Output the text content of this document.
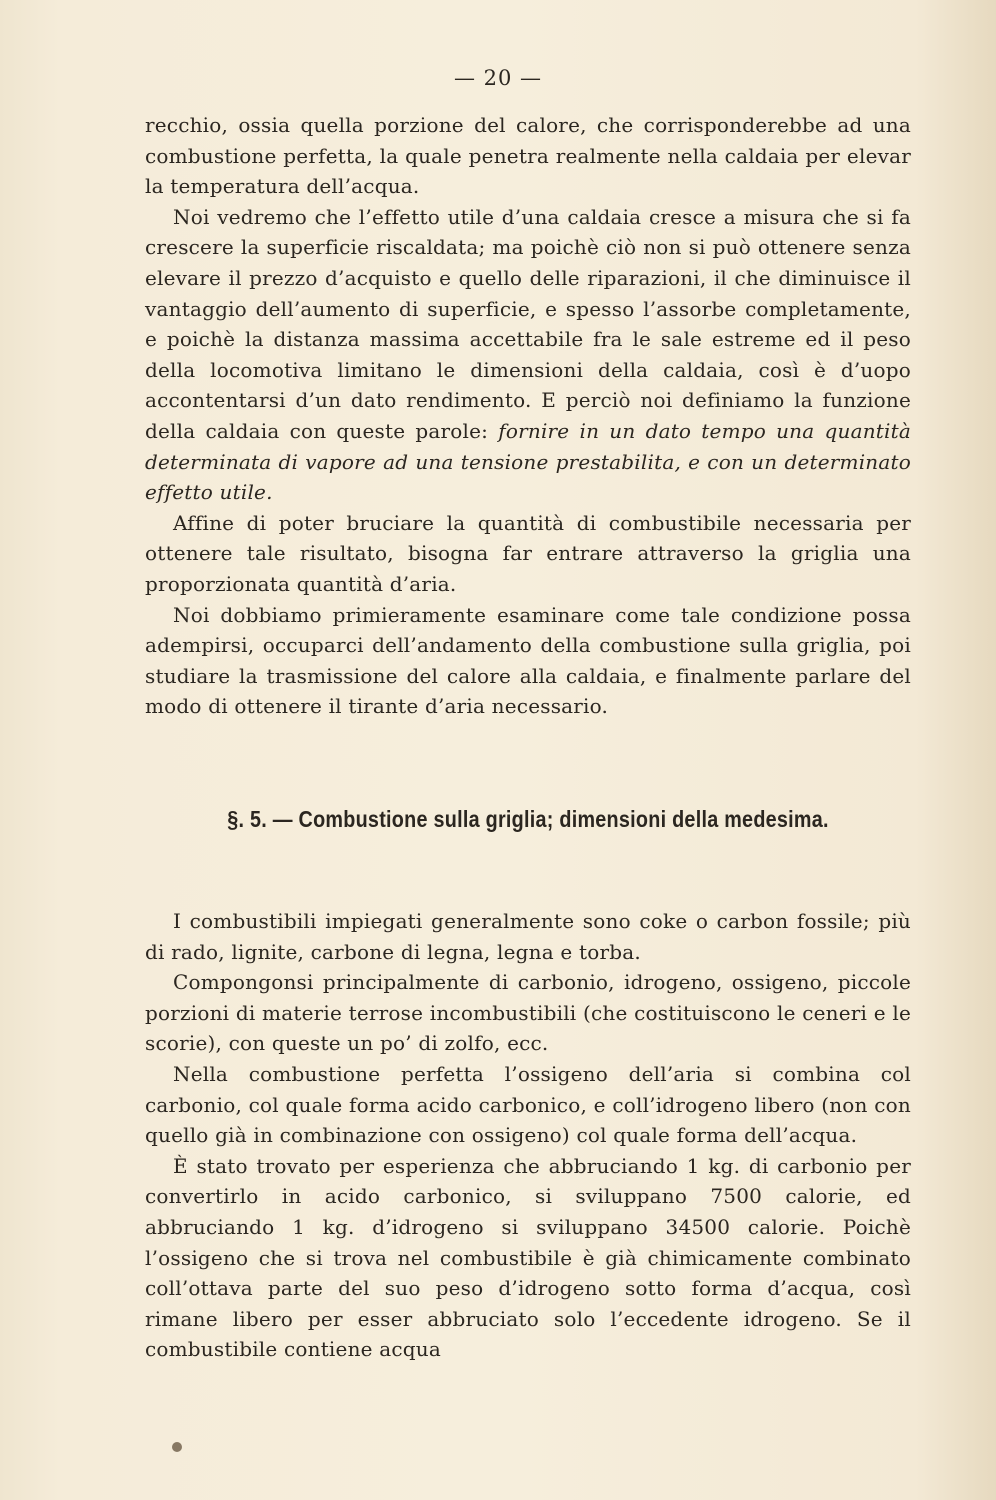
— 20 —

recchio, ossia quella porzione del calore, che corrisponderebbe ad una combustione perfetta, la quale penetra realmente nella caldaia per elevar la temperatura dell’acqua.

Noi vedremo che l’effetto utile d’una caldaia cresce a misura che si fa crescere la superficie riscaldata; ma poichè ciò non si può ottenere senza elevare il prezzo d’acquisto e quello delle riparazioni, il che diminuisce il vantaggio dell’aumento di superficie, e spesso l’assorbe completamente, e poichè la distanza massima accettabile fra le sale estreme ed il peso della locomotiva limitano le dimensioni della caldaia, così è d’uopo accontentarsi d’un dato rendimento. E perciò noi definiamo la funzione della caldaia con queste parole: fornire in un dato tempo una quantità determinata di vapore ad una tensione prestabilita, e con un determinato effetto utile.

Affine di poter bruciare la quantità di combustibile necessaria per ottenere tale risultato, bisogna far entrare attraverso la griglia una proporzionata quantità d’aria.

Noi dobbiamo primieramente esaminare come tale condizione possa adempirsi, occuparci dell’andamento della combustione sulla griglia, poi studiare la trasmissione del calore alla caldaia, e finalmente parlare del modo di ottenere il tirante d’aria necessario.

§. 5. — Combustione sulla griglia; dimensioni della medesima.

I combustibili impiegati generalmente sono coke o carbon fossile; più di rado, lignite, carbone di legna, legna e torba.

Compongonsi principalmente di carbonio, idrogeno, ossigeno, piccole porzioni di materie terrose incombustibili (che costituiscono le ceneri e le scorie), con queste un po’ di zolfo, ecc.

Nella combustione perfetta l’ossigeno dell’aria si combina col carbonio, col quale forma acido carbonico, e coll’idrogeno libero (non con quello già in combinazione con ossigeno) col quale forma dell’acqua.

È stato trovato per esperienza che abbruciando 1 kg. di carbonio per convertirlo in acido carbonico, si sviluppano 7500 calorie, ed abbruciando 1 kg. d’idrogeno si sviluppano 34500 calorie. Poichè l’ossigeno che si trova nel combustibile è già chimicamente combinato coll’ottava parte del suo peso d’idrogeno sotto forma d’acqua, così rimane libero per esser abbruciato solo l’eccedente idrogeno. Se il combustibile contiene acqua
